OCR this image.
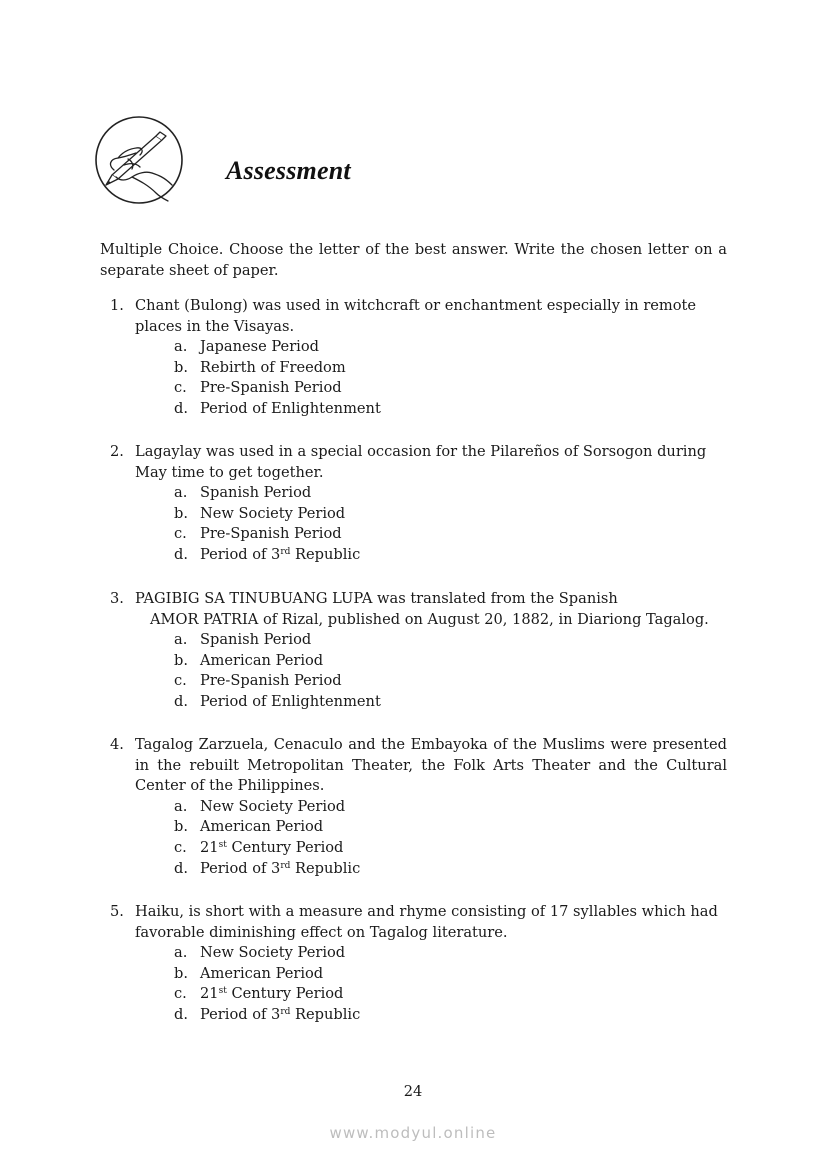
Assessment
Multiple Choice. Choose the letter of the best answer. Write the chosen letter on a separate sheet of paper.
1. Chant (Bulong) was used in witchcraft or enchantment especially in remote places in the Visayas.
a. Japanese Period
b. Rebirth of Freedom
c. Pre-Spanish Period
d. Period of Enlightenment
2. Lagaylay was used in a special occasion for the Pilareños of Sorsogon during May time to get together.
a. Spanish Period
b. New Society Period
c. Pre-Spanish Period
d. Period of 3rd Republic
3. PAGIBIG SA TINUBUANG LUPA was translated from the Spanish
AMOR PATRIA of Rizal, published on August 20, 1882, in Diariong Tagalog.
a. Spanish Period
b. American Period
c. Pre-Spanish Period
d. Period of Enlightenment
4. Tagalog Zarzuela, Cenaculo and the Embayoka of the Muslims were presented in the rebuilt Metropolitan Theater, the Folk Arts Theater and the Cultural Center of the Philippines.
a. New Society Period
b. American Period
c. 21st Century Period
d. Period of 3rd Republic
5. Haiku, is short with a measure and rhyme consisting of 17 syllables which had favorable diminishing effect on Tagalog literature.
a. New Society Period
b. American Period
c. 21st Century Period
d. Period of 3rd Republic
24
www.modyul.online
